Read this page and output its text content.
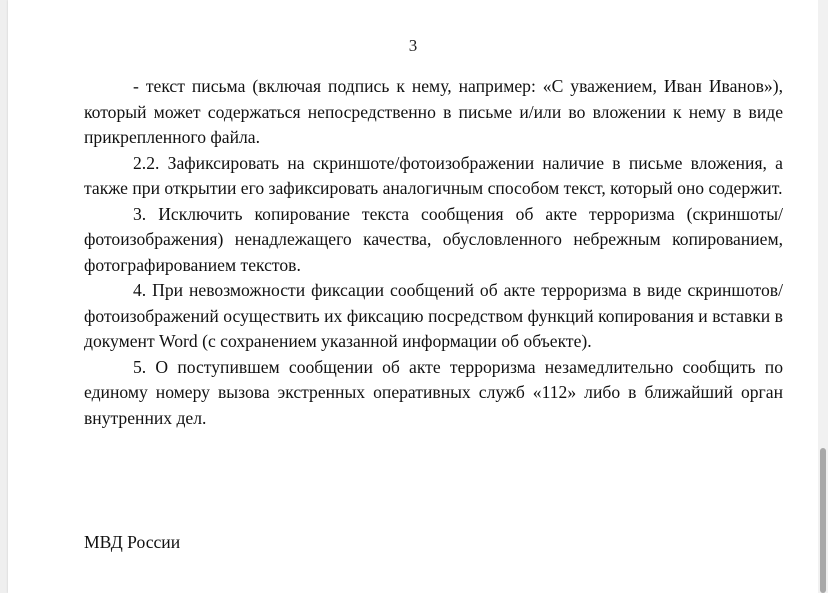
3

- текст письма (включая подпись к нему, например: «С уважением, Иван Иванов»), который может содержаться непосредственно в письме и/или во вложении к нему в виде прикрепленного файла.

2.2. Зафиксировать на скриншоте/фотоизображении наличие в письме вложения, а также при открытии его зафиксировать аналогичным способом текст, который оно содержит.

3. Исключить копирование текста сообщения об акте терроризма (скриншоты/фотоизображения) ненадлежащего качества, обусловленного небрежным копированием, фотографированием текстов.

4. При невозможности фиксации сообщений об акте терроризма в виде скриншотов/фотоизображений осуществить их фиксацию посредством функций копирования и вставки в документ Word (с сохранением указанной информации об объекте).

5. О поступившем сообщении об акте терроризма незамедлительно сообщить по единому номеру вызова экстренных оперативных служб «112» либо в ближайший орган внутренних дел.

МВД России
